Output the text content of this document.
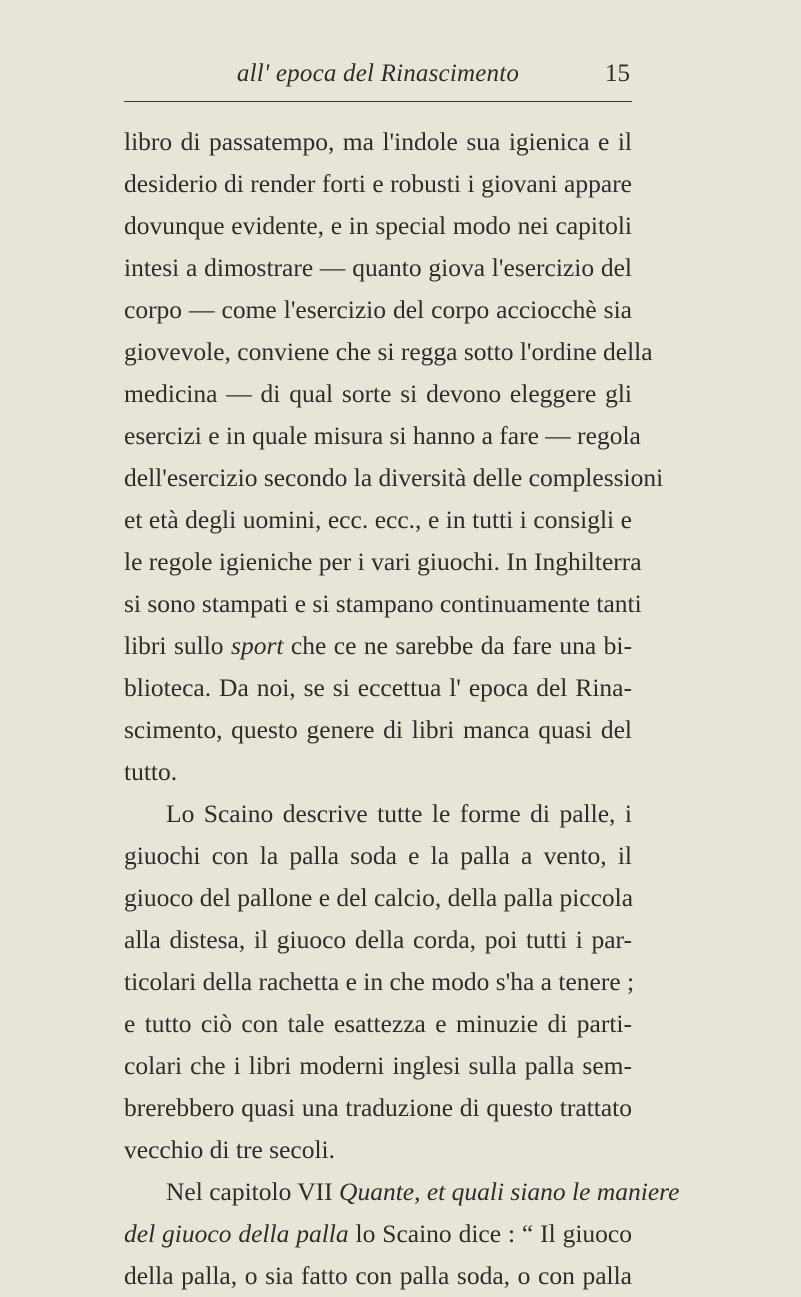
all' epoca del Rinascimento	15
libro di passatempo, ma l'indole sua igienica e il
desiderio di render forti e robusti i giovani appare
dovunque evidente, e in special modo nei capitoli
intesi a dimostrare — quanto giova l'esercizio del
corpo — come l'esercizio del corpo acciocchè sia
giovevole, conviene che si regga sotto l'ordine della
medicina — di qual sorte si devono eleggere gli
esercizi e in quale misura si hanno a fare — regola
dell'esercizio secondo la diversità delle complessioni
et età degli uomini, ecc. ecc., e in tutti i consigli e
le regole igieniche per i vari giuochi. In Inghilterra
si sono stampati e si stampano continuamente tanti
libri sullo sport che ce ne sarebbe da fare una bi-
blioteca. Da noi, se si eccettua l' epoca del Rina-
scimento, questo genere di libri manca quasi del
tutto.
Lo Scaino descrive tutte le forme di palle, i
giuochi con la palla soda e la palla a vento, il
giuoco del pallone e del calcio, della palla piccola
alla distesa, il giuoco della corda, poi tutti i par-
ticolari della rachetta e in che modo s'ha a tenere ;
e tutto ciò con tale esattezza e minuzie di parti-
colari che i libri moderni inglesi sulla palla sem-
brerebbero quasi una traduzione di questo trattato
vecchio di tre secoli.
Nel capitolo VII Quante, et quali siano le maniere
del giuoco della palla lo Scaino dice : “ Il giuoco
della palla, o sia fatto con palla soda, o con palla
